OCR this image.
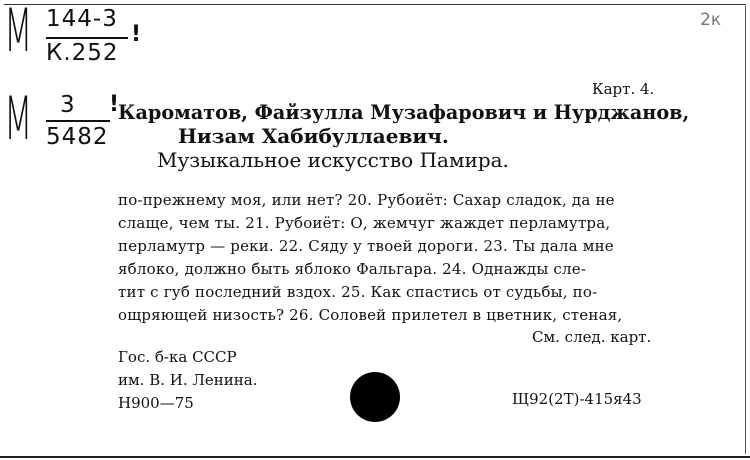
М 144-3
К.252
!
М 3
5482
!
2к
Карт. 4.
Кароматов, Файзулла Музафарович и Нурджанов,
Низам Хабибуллаевич.
Музыкальное искусство Памира.
по-прежнему моя, или нет? 20. Рубоиёт: Сахар сладок, да не
слаще, чем ты. 21. Рубоиёт: О, жемчуг жаждет перламутра,
перламутр — реки. 22. Сяду у твоей дороги. 23. Ты дала мне
яблоко, должно быть яблоко Фальгара. 24. Однажды сле-
тит с губ последний вздох. 25. Как спастись от судьбы, по-
ощряющей низость? 26. Соловей прилетел в цветник, стеная,
См. след. карт.
Гос. б-ка СССР
им. В. И. Ленина.
Н900—75	Щ92(2Т)-415я43
